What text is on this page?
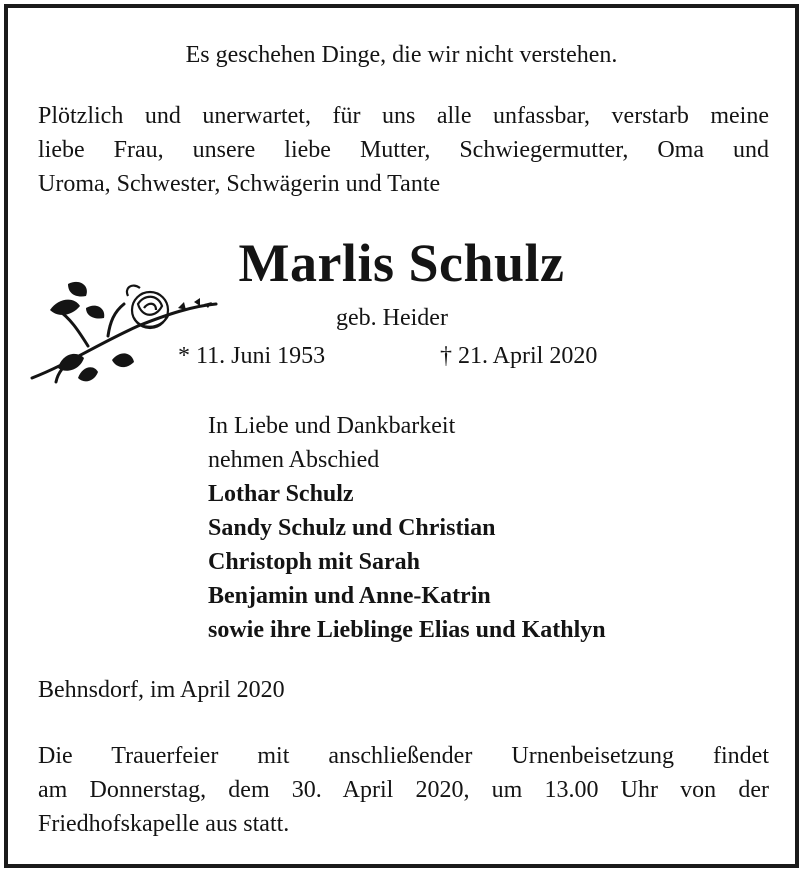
Es geschehen Dinge, die wir nicht verstehen.
Plötzlich und unerwartet, für uns alle unfassbar, verstarb meine
liebe Frau, unsere liebe Mutter, Schwiegermutter, Oma und
Uroma, Schwester, Schwägerin und Tante
Marlis Schulz
geb. Heider
* 11. Juni 1953	† 21. April 2020
In Liebe und Dankbarkeit
nehmen Abschied
Lothar Schulz
Sandy Schulz und Christian
Christoph mit Sarah
Benjamin und Anne-Katrin
sowie ihre Lieblinge Elias und Kathlyn
Behnsdorf, im April 2020
Die Trauerfeier mit anschließender Urnenbeisetzung findet
am Donnerstag, dem 30. April 2020, um 13.00 Uhr von der
Friedhofskapelle aus statt.
